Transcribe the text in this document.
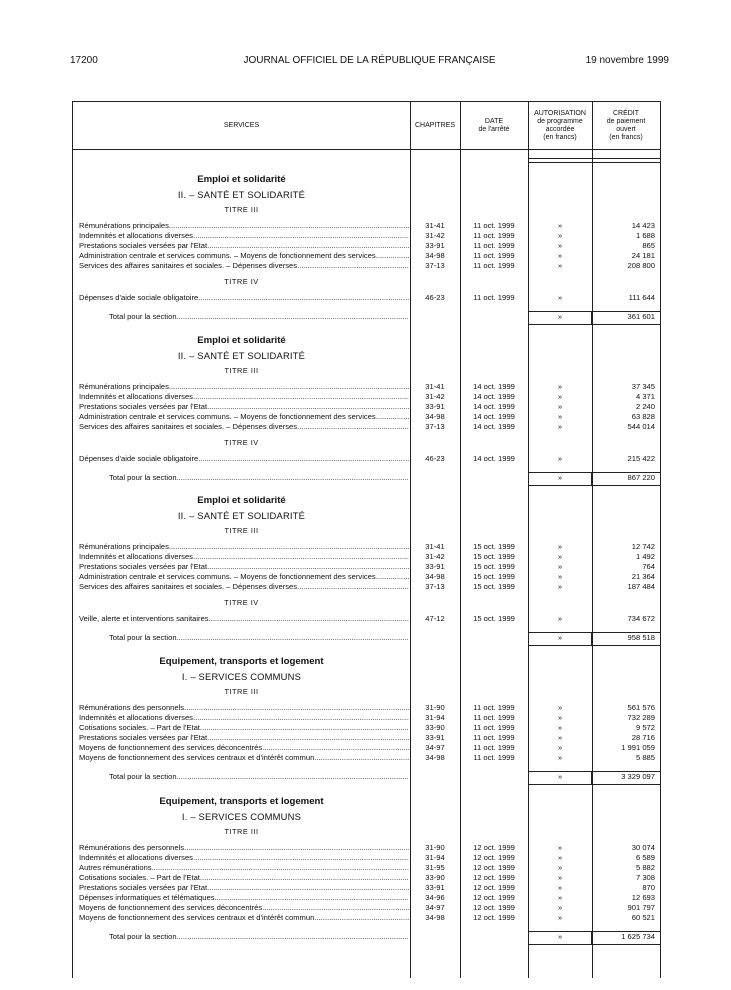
17200	JOURNAL OFFICIEL DE LA RÉPUBLIQUE FRANÇAISE	19 novembre 1999
SERVICES	CHAPITRES
DATE
de l'arrêté
AUTORISATION
de programme
accordée
(en francs)
CRÉDIT
de paiement
ouvert
(en francs)
Emploi et solidarité
II. – SANTÉ ET SOLIDARITÉ
TITRE III
Rémunérations principales .....	31-41	11 oct. 1999	»	14 423
Indemnités et allocations diverses .....	31-42	11 oct. 1999	»	1 688
Prestations sociales versées par l'Etat .....	33-91	11 oct. 1999	»	865
Administration centrale et services communs. – Moyens de fonctionnement des services .....	34-98	11 oct. 1999	»	24 181
Services des affaires sanitaires et sociales. – Dépenses diverses .....	37-13	11 oct. 1999	»	208 800
TITRE IV
Dépenses d'aide sociale obligatoire .....	46-23	11 oct. 1999	»	111 644
Total pour la section .....	»	361 601
Emploi et solidarité
II. – SANTÉ ET SOLIDARITÉ
TITRE III
Rémunérations principales .....	31-41	14 oct. 1999	»	37 345
Indemnités et allocations diverses .....	31-42	14 oct. 1999	»	4 371
Prestations sociales versées par l'Etat .....	33-91	14 oct. 1999	»	2 240
Administration centrale et services communs. – Moyens de fonctionnement des services .....	34-98	14 oct. 1999	»	63 828
Services des affaires sanitaires et sociales. – Dépenses diverses .....	37-13	14 oct. 1999	»	544 014
TITRE IV
Dépenses d'aide sociale obligatoire .....	46-23	14 oct. 1999	»	215 422
Total pour la section .....	»	867 220
Emploi et solidarité
II. – SANTÉ ET SOLIDARITÉ
TITRE III
Rémunérations principales .....	31-41	15 oct. 1999	»	12 742
Indemnités et allocations diverses .....	31-42	15 oct. 1999	»	1 492
Prestations sociales versées par l'Etat .....	33-91	15 oct. 1999	»	764
Administration centrale et services communs. – Moyens de fonctionnement des services .....	34-98	15 oct. 1999	»	21 364
Services des affaires sanitaires et sociales. – Dépenses diverses .....	37-13	15 oct. 1999	»	187 484
TITRE IV
Veille, alerte et interventions sanitaires .....	47-12	15 oct. 1999	»	734 672
Total pour la section .....	»	958 518
Equipement, transports et logement
I. – SERVICES COMMUNS
TITRE III
Rémunérations des personnels .....	31-90	11 oct. 1999	»	561 576
Indemnités et allocations diverses .....	31-94	11 oct. 1999	»	732 289
Cotisations sociales. – Part de l'Etat .....	33-90	11 oct. 1999	»	9 572
Prestations sociales versées par l'Etat .....	33-91	11 oct. 1999	»	28 716
Moyens de fonctionnement des services déconcentrés .....	34-97	11 oct. 1999	»	1 991 059
Moyens de fonctionnement des services centraux et d'intérêt commun .....	34-98	11 oct. 1999	»	5 885
Total pour la section .....	»	3 329 097
Equipement, transports et logement
I. – SERVICES COMMUNS
TITRE III
Rémunérations des personnels .....	31-90	12 oct. 1999	»	30 074
Indemnités et allocations diverses .....	31-94	12 oct. 1999	»	6 589
Autres rémunérations .....	31-95	12 oct. 1999	»	5 882
Cotisations sociales. – Part de l'Etat .....	33-90	12 oct. 1999	»	7 308
Prestations sociales versées par l'Etat .....	33-91	12 oct. 1999	»	870
Dépenses informatiques et télématiques .....	34-96	12 oct. 1999	»	12 693
Moyens de fonctionnement des services déconcentrés .....	34-97	12 oct. 1999	»	901 797
Moyens de fonctionnement des services centraux et d'intérêt commun .....	34-98	12 oct. 1999	»	60 521
Total pour la section .....	»	1 625 734
